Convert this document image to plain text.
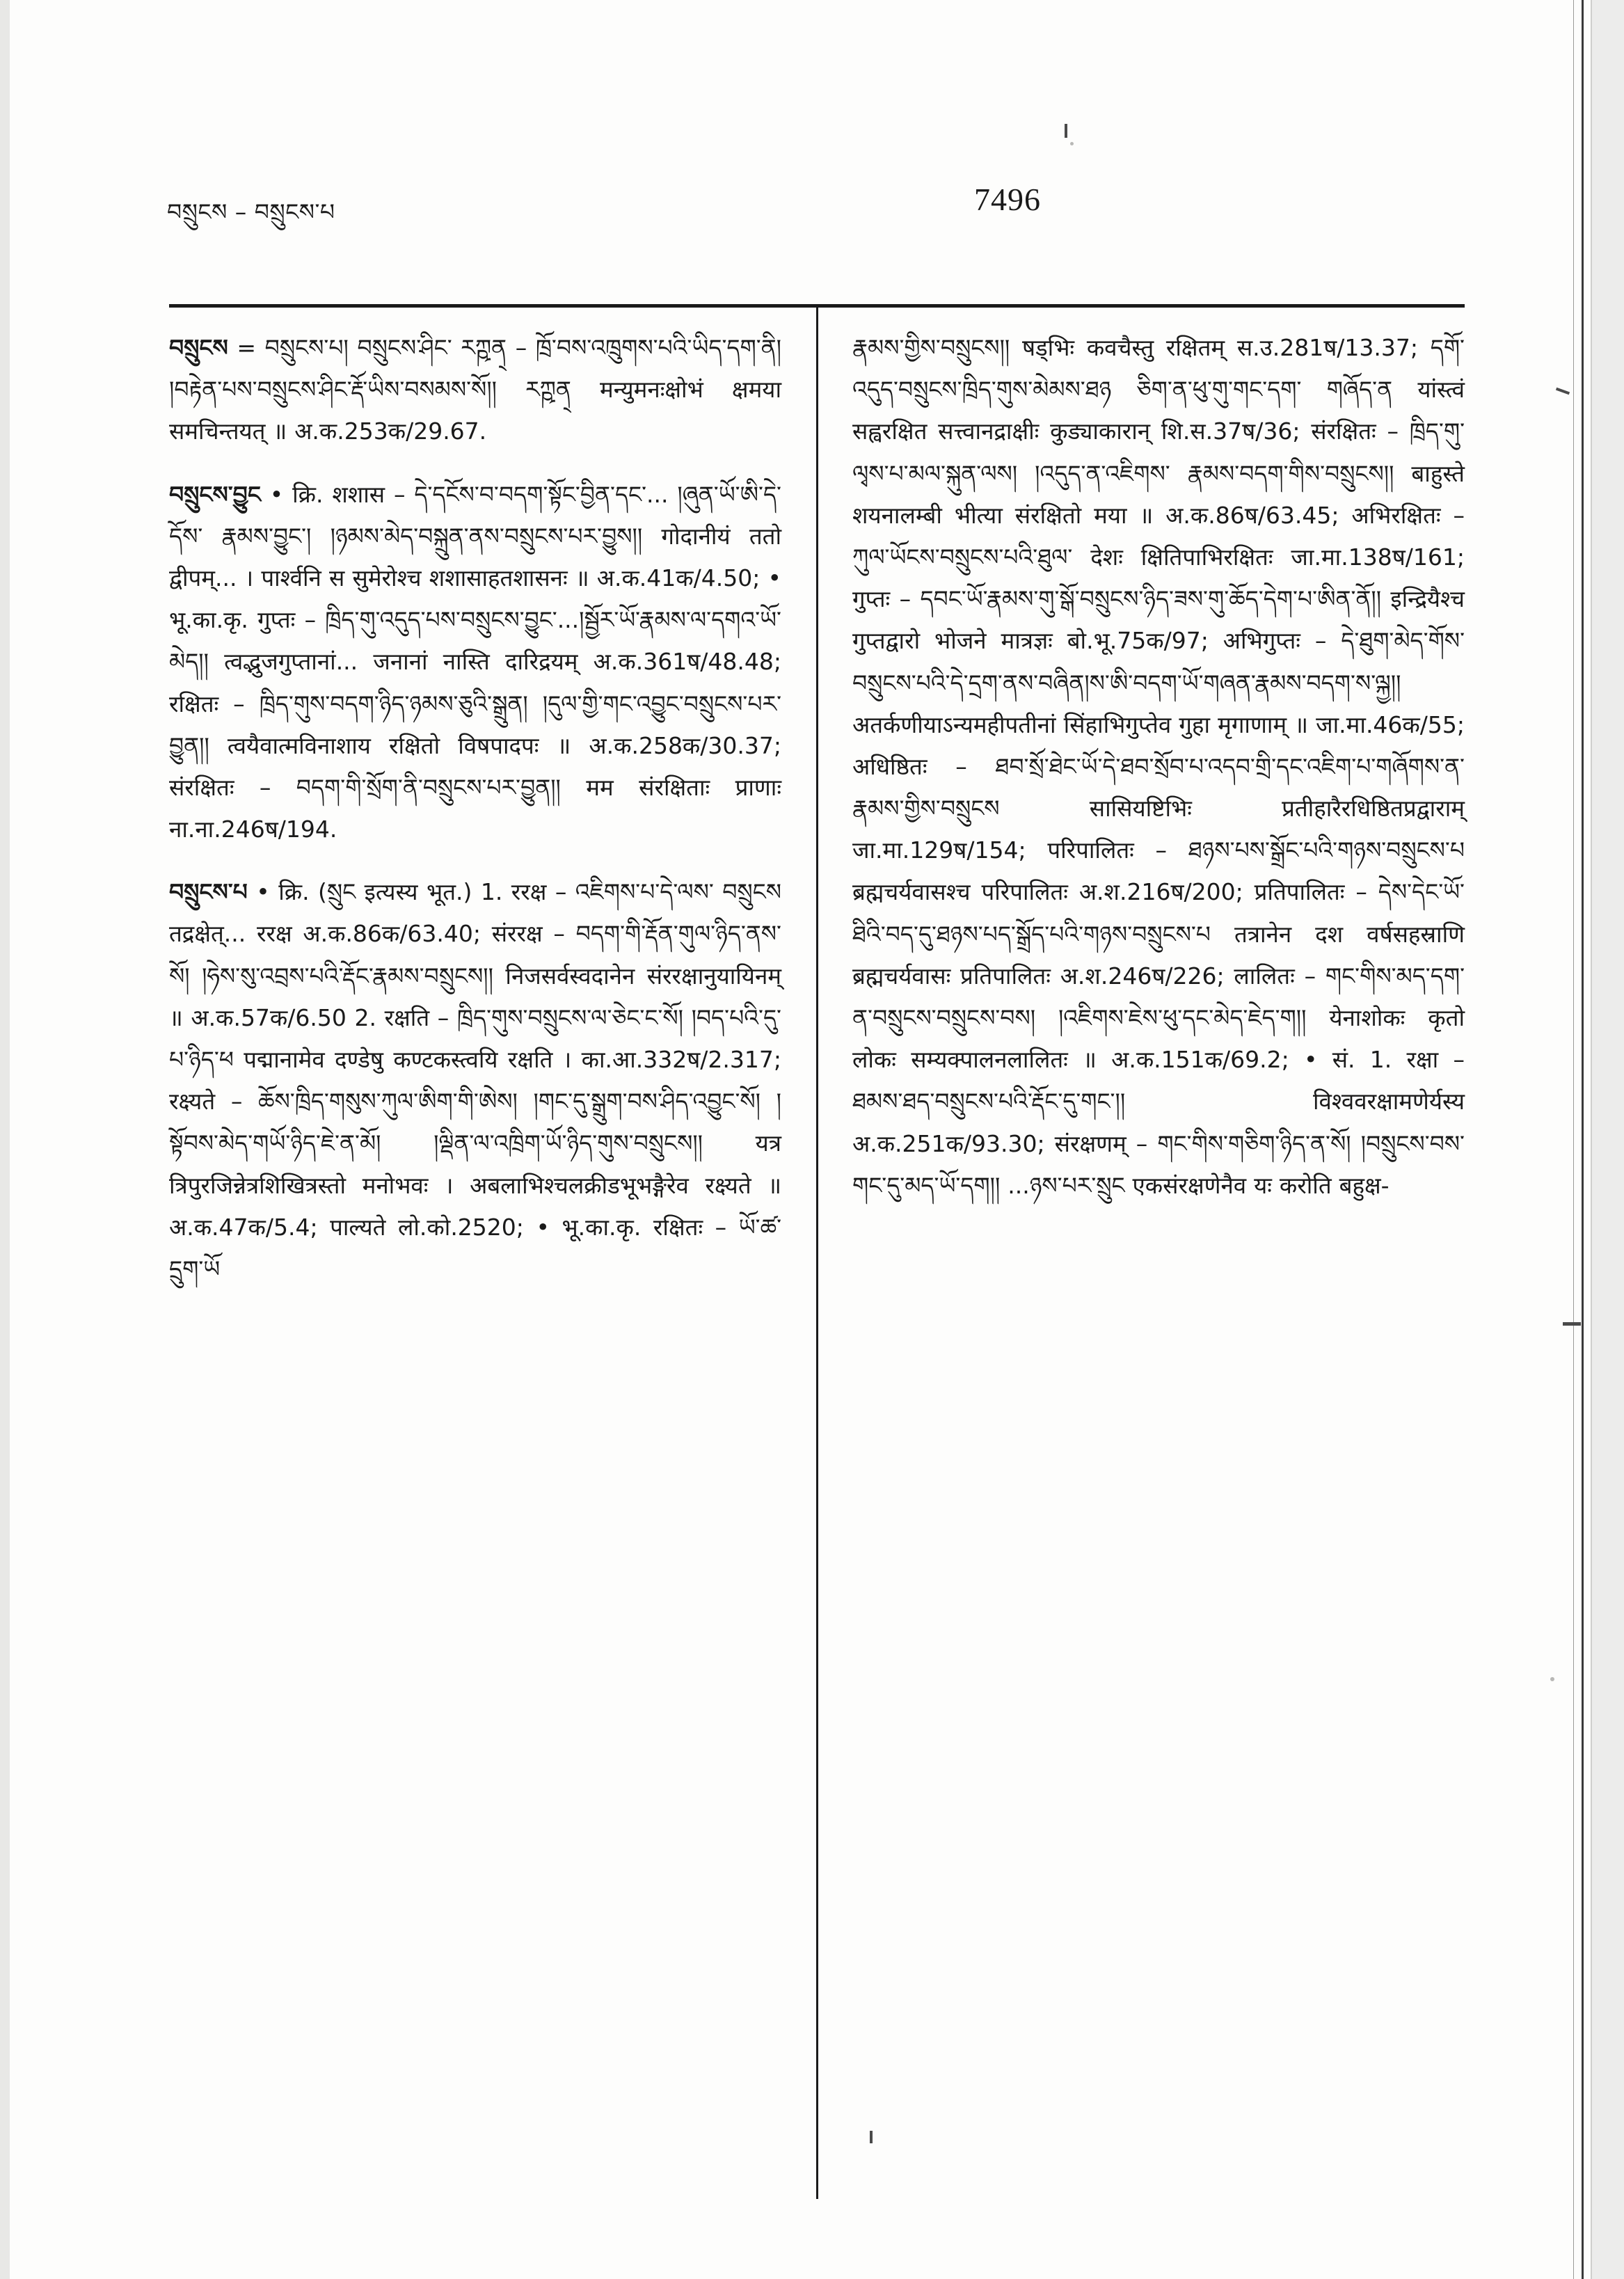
བསྲུངས – བསྲུངས་པ	7496

བསྲུངས = བསྲུངས་པ། བསྲུངས་ཤིང་ རཀྵན྄ – ཁྲོ་བས་འཁྲུགས་པའི་ཡིད་དག་ནི། །བརྟེན་པས་བསྲུངས་ཤིང་རྡོ་ཡིས་བསམས་སོ།། རཀྵན྄ मन्युमनःक्षोभं क्षमया समचिन्तयत् ॥ अ.क.253क/29.67.

བསྲུངས་བྱུང • क्रि. शशास – དེ་དངོས་བ་བདག་སྟོང་བྱིན་དང་... །ཞུན་ཡོ་ཨི་དེ་དོས་ རྣམས་བྱུང་། །ཉམས་མེད་བསྐྲུན་ནས་བསྲུངས་པར་བྱུས།། गोदानीयं ततो द्वीपम्... । पार्श्वनि स सुमेरोश्च शशासाहतशासनः ॥ अ.क.41क/4.50; • भू.का.कृ. गुप्तः – ཁྲིད་གུ་འདུད་པས་བསྲུངས་བྱུང་...།སྦྱོར་ཡོ་རྣམས་ལ་དགའ་ཡོ་མེད།། त्वद्भुजगुप्तानां... जनानां नास्ति दारिद्रयम् अ.क.361ष/48.48; रक्षितः – ཁྲིད་གུས་བདག་ཉིད་ཉམས་ཅུའི་སྒྲུན། །དུལ་གྱི་གང་འབྱུང་བསྲུངས་པར་བྱུན།། त्वयैवात्मविनाशाय रक्षितो विषपादपः ॥ अ.क.258क/30.37; संरक्षितः – བདག་གི་སྲོག་ནི་བསྲུངས་པར་བྱུན།། मम संरक्षिताः प्राणाः ना.ना.246ष/194.

བསྲུངས་པ • क्रि. (སྲུང इत्यस्य भूत.) 1. ररक्ष – འཇིགས་པ་དེ་ལས་ བསྲུངས तद्रक्षेत्... ररक्ष अ.क.86क/63.40; संररक्ष – བདག་གི་རྡོན་གུལ་ཉིད་ནས་སོ། །ཧེས་སུ་འབྲས་པའི་རྡོང་རྣམས་བསྲུངས།། निजसर्वस्वदानेन संररक्षानुयायिनम् ॥ अ.क.57क/6.50 2. रक्षति – ཁྲིད་གུས་བསྲུངས་ལ་ཅེང་ང་སོ། །བད་པའི་དུ་པ་ཉིད་ཕ पद्मानामेव दण्डेषु कण्टकस्त्वयि रक्षति । का.आ.332ष/2.317; रक्ष्यते – ཆོས་ཁྲིད་གསུས་ཀུལ་ཨིག་གི་ཨེས། །གང་དུ་སྒྲུག་བས་ཤིད་འབྱུང་སོ། །སྟོབས་མེད་གཡོ་ཉིད་ཇེ་ན་མོ། །ལྡིན་ལ་འཁྲིག་ཡོ་ཉིད་གུས་བསྲུངས།། यत्र त्रिपुरजिन्नेत्रशिखित्रस्तो मनोभवः । अबलाभिश्चलक्रीडभूभङ्गैरेव रक्ष्यते ॥ अ.क.47क/5.4; पाल्यते लो.को.2520; • भू.का.कृ. रक्षितः – ཡོ་ཚ་དྲུག་ཡོ

རྣམས་གྱིས་བསྲུངས།། षड्भिः कवचैस्तु रक्षितम् स.उ.281ष/13.37; དགོ་འདུད་བསྲུངས་ཁྲིད་གུས་མེམས་ཐཉ ཅིག་ན་ཕུ་གུ་གང་དག་ གཞོད་ན यांस्त्वं सह्वरक्षित सत्त्वानद्राक्षीः कुड्याकारान् शि.स.37ष/36; संरक्षितः – ཁྲིད་གུ་ལྭས་པ་མལ་སྐུན་ལས། །འདུད་ན་འཇིགས་ རྣམས་བདག་གིས་བསྲུངས།། बाहुस्ते शयनालम्बी भीत्या संरक्षितो मया ॥ अ.क.86ष/63.45; अभिरक्षितः – ཀུལ་ཡོངས་བསྲུངས་པའི་ཐུལ་ देशः क्षितिपाभिरक्षितः जा.मा.138ष/161; गुप्तः – དབང་ཡོ་རྣམས་གུ་སྒོ་བསྲུངས་ཉིད་ཟས་གུ་ཆོད་དེག་པ་ཨིན་ནོ།། इन्द्रियैश्च गुप्तद्वारो भोजने मात्रज्ञः बो.भू.75क/97; अभिगुप्तः – དེ་ཐུག་མེད་གོས་བསྲུངས་པའི་དེ་དྲག་ནས་བཞིན།ས་ཨི་བདག་ཡོ་གཞན་རྣམས་བདག་ས་ལྐྱ།། अतर्कणीयाऽन्यमहीपतीनां सिंहाभिगुप्तेव गुहा मृगाणाम् ॥ जा.मा.46क/55; अधिष्ठितः – ཐབ་སྲོ་ཐེང་ཡོ་དེ་ཐབ་སྲོབ་པ་འདབ་གྲི་དང་འཇིག་པ་གཞོགས་ན་རྣམས་གྱིས་བསྲུངས सासियष्टिभिः प्रतीहारैरधिष्ठितप्रद्वाराम् जा.मा.129ष/154; परिपालितः – ཐཉས་པས་སྒྲོང་པའི་གཉས་བསྲུངས་པ ब्रह्मचर्यवासश्च परिपालितः अ.श.216ष/200; प्रतिपालितः – དེས་དེང་ཡོ་ཐིའི་བད་དུ་ཐཉས་པད་སྒྲོད་པའི་གཉས་བསྲུངས་པ तत्रानेन दश वर्षसहस्राणि ब्रह्मचर्यवासः प्रतिपालितः अ.श.246ष/226; लालितः – གང་གིས་མད་དག་ན་བསྲུངས་བསྲུངས་བས། །འཇིགས་ཇེས་ཕུ་དང་མེད་ཇེད་ག།། येनाशोकः कृतो लोकः सम्यक्पालनलालितः ॥ अ.क.151क/69.2; • सं. 1. रक्षा – ཐམས་ཐད་བསྲུངས་པའི་རྡོང་དུ་གང་།། विश्ववरक्षामणेर्यस्य अ.क.251क/93.30; संरक्षणम् – གང་གིས་གཅིག་ཉིད་ན་སོ། །བསྲུངས་བས་གང་དུ་མད་ཡོ་དག།། ...ཉས་པར་སྲུང एकसंरक्षणेनैव यः करोति बहुक्ष-
